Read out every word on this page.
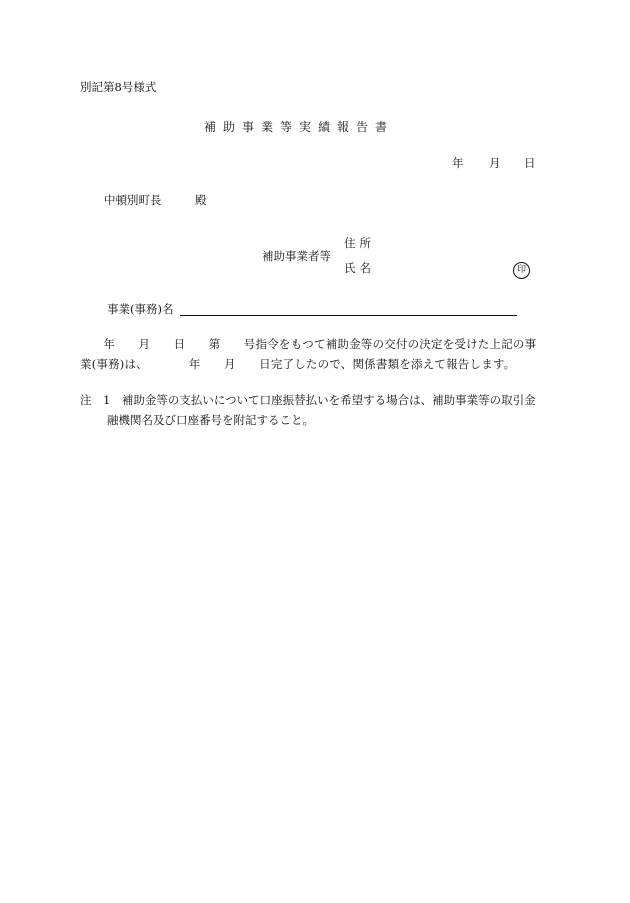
別記第8号様式
補助事業等実績報告書
年 月 日
中頓別町長	殿
住所
補助事業者等
氏名	印
事業(事務)名
　　年　　月　　日　　第　　号指令をもつて補助金等の交付の決定を受けた上記の事
業(事務)は、　　　　年　　月　　日完了したので、関係書類を添えて報告します。
注　1　補助金等の支払いについて口座振替払いを希望する場合は、補助事業等の取引金
融機関名及び口座番号を附記すること。
